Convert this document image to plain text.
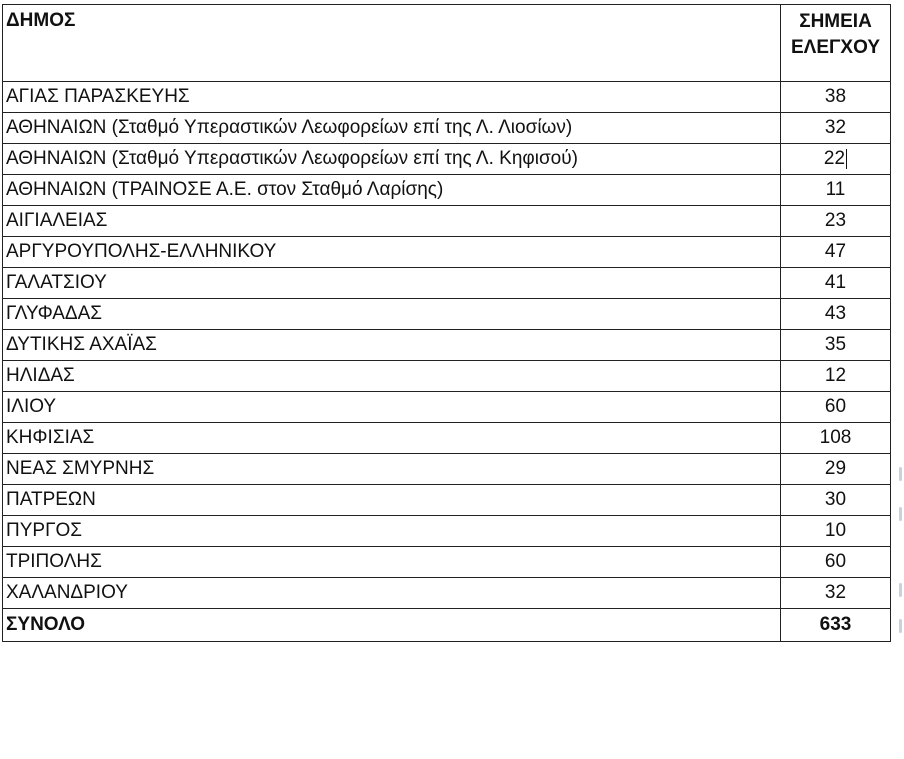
ΔΗΜΟΣ	ΣΗΜΕΙΑ
ΕΛΕΓΧΟΥ
ΑΓΙΑΣ ΠΑΡΑΣΚΕΥΗΣ	38
ΑΘΗΝΑΙΩΝ (Σταθμό Υπεραστικών Λεωφορείων επί της Λ. Λιοσίων)	32
ΑΘΗΝΑΙΩΝ (Σταθμό Υπεραστικών Λεωφορείων επί της Λ. Κηφισού)	22
ΑΘΗΝΑΙΩΝ (ΤΡΑΙΝΟΣΕ Α.Ε. στον Σταθμό Λαρίσης)	11
ΑΙΓΙΑΛΕΙΑΣ	23
ΑΡΓΥΡΟΥΠΟΛΗΣ-ΕΛΛΗΝΙΚΟΥ	47
ΓΑΛΑΤΣΙΟΥ	41
ΓΛΥΦΑΔΑΣ	43
ΔΥΤΙΚΗΣ ΑΧΑΪΑΣ	35
ΗΛΙΔΑΣ	12
ΙΛΙΟΥ	60
ΚΗΦΙΣΙΑΣ	108
ΝΕΑΣ ΣΜΥΡΝΗΣ	29
ΠΑΤΡΕΩΝ	30
ΠΥΡΓΟΣ	10
ΤΡΙΠΟΛΗΣ	60
ΧΑΛΑΝΔΡΙΟΥ	32
ΣΥΝΟΛΟ	633
